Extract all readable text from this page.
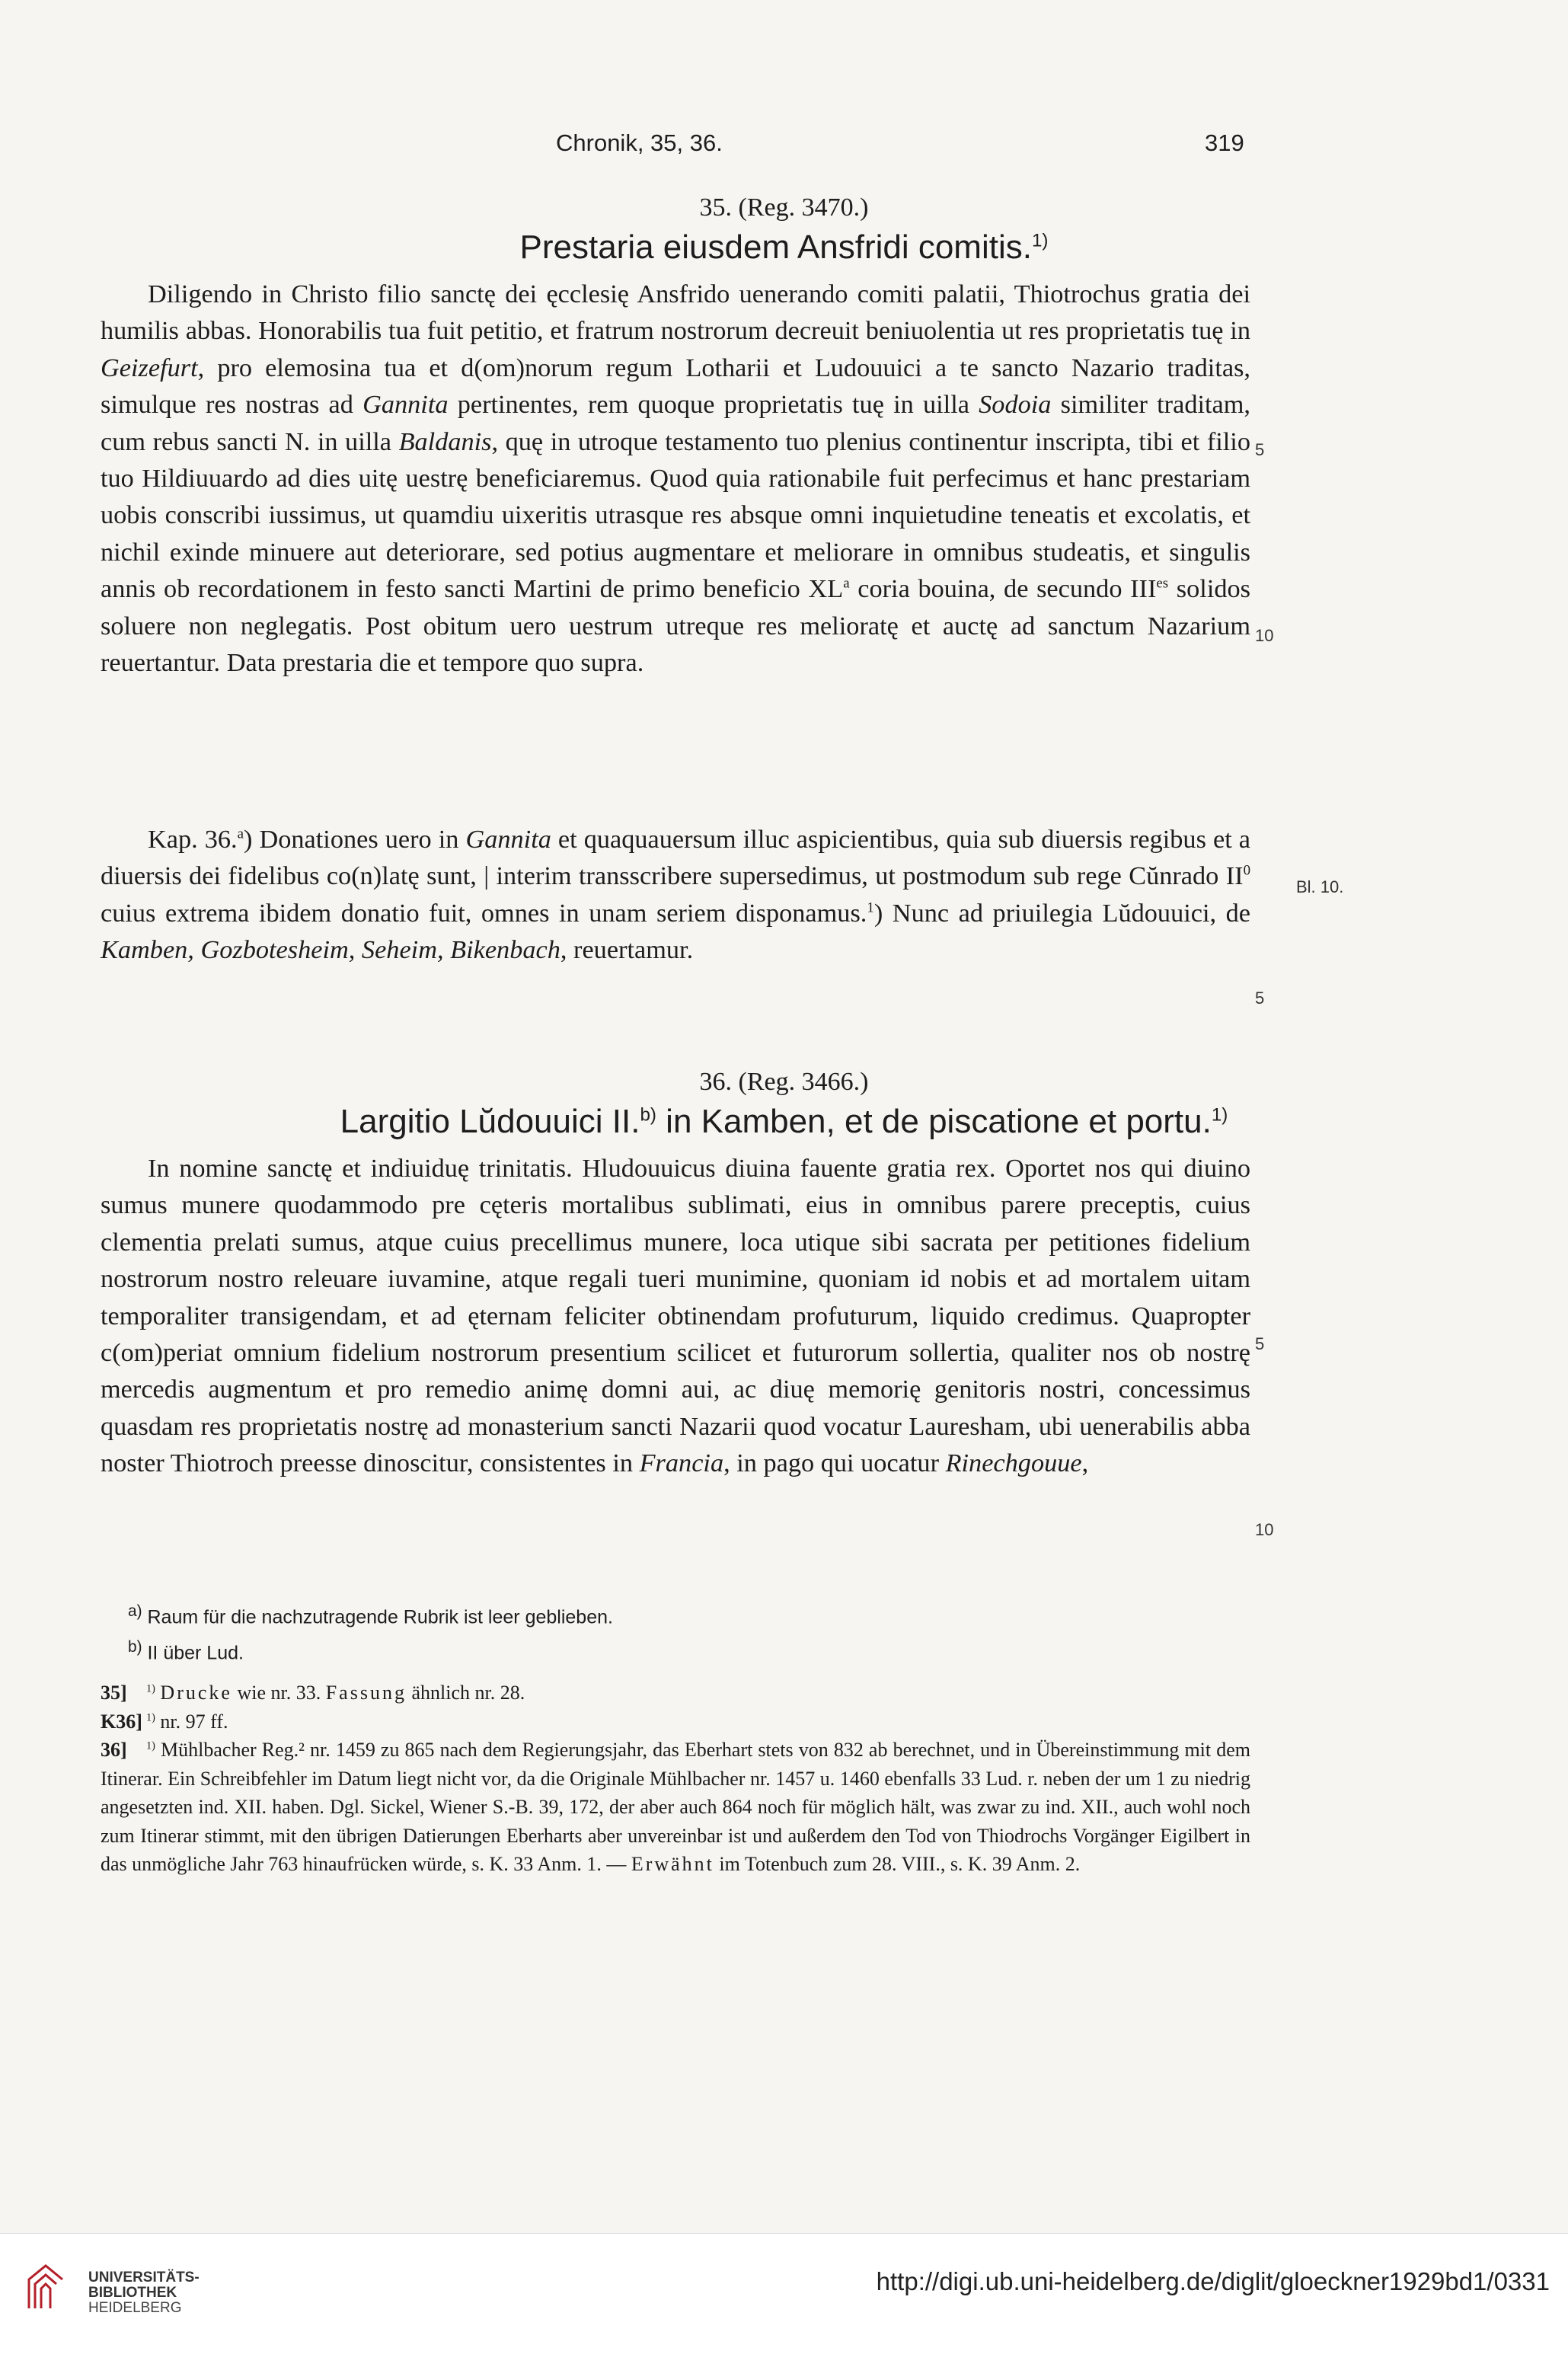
Chronik, 35, 36.	319
35. (Reg. 3470.)
Prestaria eiusdem Ansfridi comitis.$^{1)}$

Diligendo in Christo filio sanctę dei ęcclesię Ansfrido uenerando comiti palatii, Thiotrochus gratia dei humilis abbas. Honorabilis tua fuit petitio, et fratrum nostrorum decreuit beniuolentia ut res proprietatis tuę in Geizefurt, pro elemosina tua et d(om)norum regum Lotharii et Ludouuici a te sancto Nazario traditas, simulque res nostras ad Gannita pertinentes, rem quoque proprietatis tuę in uilla Sodoia similiter traditam, cum rebus sancti N. in uilla Baldanis, quę in utroque testamento tuo plenius continentur inscripta, tibi et filio tuo Hildiuuardo ad dies uitę uestrę beneficiaremus. Quod quia rationabile fuit perfecimus et hanc prestariam uobis conscribi iussimus, ut quamdiu uixeritis utrasque res absque omni inquietudine teneatis et excolatis, et nichil exinde minuere aut deteriorare, sed potius augmentare et meliorare in omnibus studeatis, et singulis annis ob recordationem in festo sancti Martini de primo beneficio $XL^a$ coria bouina, de secundo $III^{es}$ solidos soluere non neglegatis. Post obitum uero uestrum utreque res melioratę et auctę ad sanctum Nazarium reuertantur. Data prestaria die et tempore quo supra.

Kap. 36.$^a$) Donationes uero in Gannita et quaquauersum illuc aspicientibus, quia sub diuersis regibus et a diuersis dei fidelibus co(n)latę sunt, | interim transscribere supersedimus, ut postmodum sub rege Cŭnrado $II^0$ cuius extrema ibidem donatio fuit, omnes in unam seriem disponamus.$^1$) Nunc ad priuilegia Lŭdouuici, de Kamben, Gozbotesheim, Seheim, Bikenbach, reuertamur.

36. (Reg. 3466.)
Largitio Lŭdouuici II.$^{b)}$ in Kamben, et de piscatione et portu.$^{1)}$

In nomine sanctę et indiuiduę trinitatis. Hludouuicus diuina fauente gratia rex. Oportet nos qui diuino sumus munere quodammodo pre cęteris mortalibus sublimati, eius in omnibus parere preceptis, cuius clementia prelati sumus, atque cuius precellimus munere, loca utique sibi sacrata per petitiones fidelium nostrorum nostro releuare iuvamine, atque regali tueri munimine, quoniam id nobis et ad mortalem uitam temporaliter transigendam, et ad ęternam feliciter obtinendam profuturum, liquido credimus. Quapropter c(om)periat omnium fidelium nostrorum presentium scilicet et futurorum sollertia, qualiter nos ob nostrę mercedis augmentum et pro remedio animę domni aui, ac diuę memorię genitoris nostri, concessimus quasdam res proprietatis nostrę ad monasterium sancti Nazarii quod vocatur Lauresham, ubi uenerabilis abba noster Thiotroch preesse dinoscitur, consistentes in Francia, in pago qui uocatur Rinechgouue,

5
10
Bl. 10.
5
5
10
$^{a)}$ Raum für die nachzutragende Rubrik ist leer geblieben.
$^{b)}$ II über Lud.

35] $^{1)}$ Drucke wie nr. 33. Fassung ähnlich nr. 28.

K36] $^{1)}$ nr. 97 ff.

36] $^{1)}$ Mühlbacher Reg.² nr. 1459 zu 865 nach dem Regierungsjahr, das Eberhart stets von 832 ab berechnet, und in Übereinstimmung mit dem Itinerar. Ein Schreibfehler im Datum liegt nicht vor, da die Originale Mühlbacher nr. 1457 u. 1460 ebenfalls 33 Lud. r. neben der um 1 zu niedrig angesetzten ind. XII. haben. Dgl. Sickel, Wiener S.-B. 39, 172, der aber auch 864 noch für möglich hält, was zwar zu ind. XII., auch wohl noch zum Itinerar stimmt, mit den übrigen Datierungen Eberharts aber unvereinbar ist und außerdem den Tod von Thiodrochs Vorgänger Eigilbert in das unmögliche Jahr 763 hinaufrücken würde, s. K. 33 Anm. 1. — Erwähnt im Totenbuch zum 28. VIII., s. K. 39 Anm. 2.

UNIVERSITÄTS-
BIBLIOTHEK
HEIDELBERG
http://digi.ub.uni-heidelberg.de/diglit/gloeckner1929bd1/0331
